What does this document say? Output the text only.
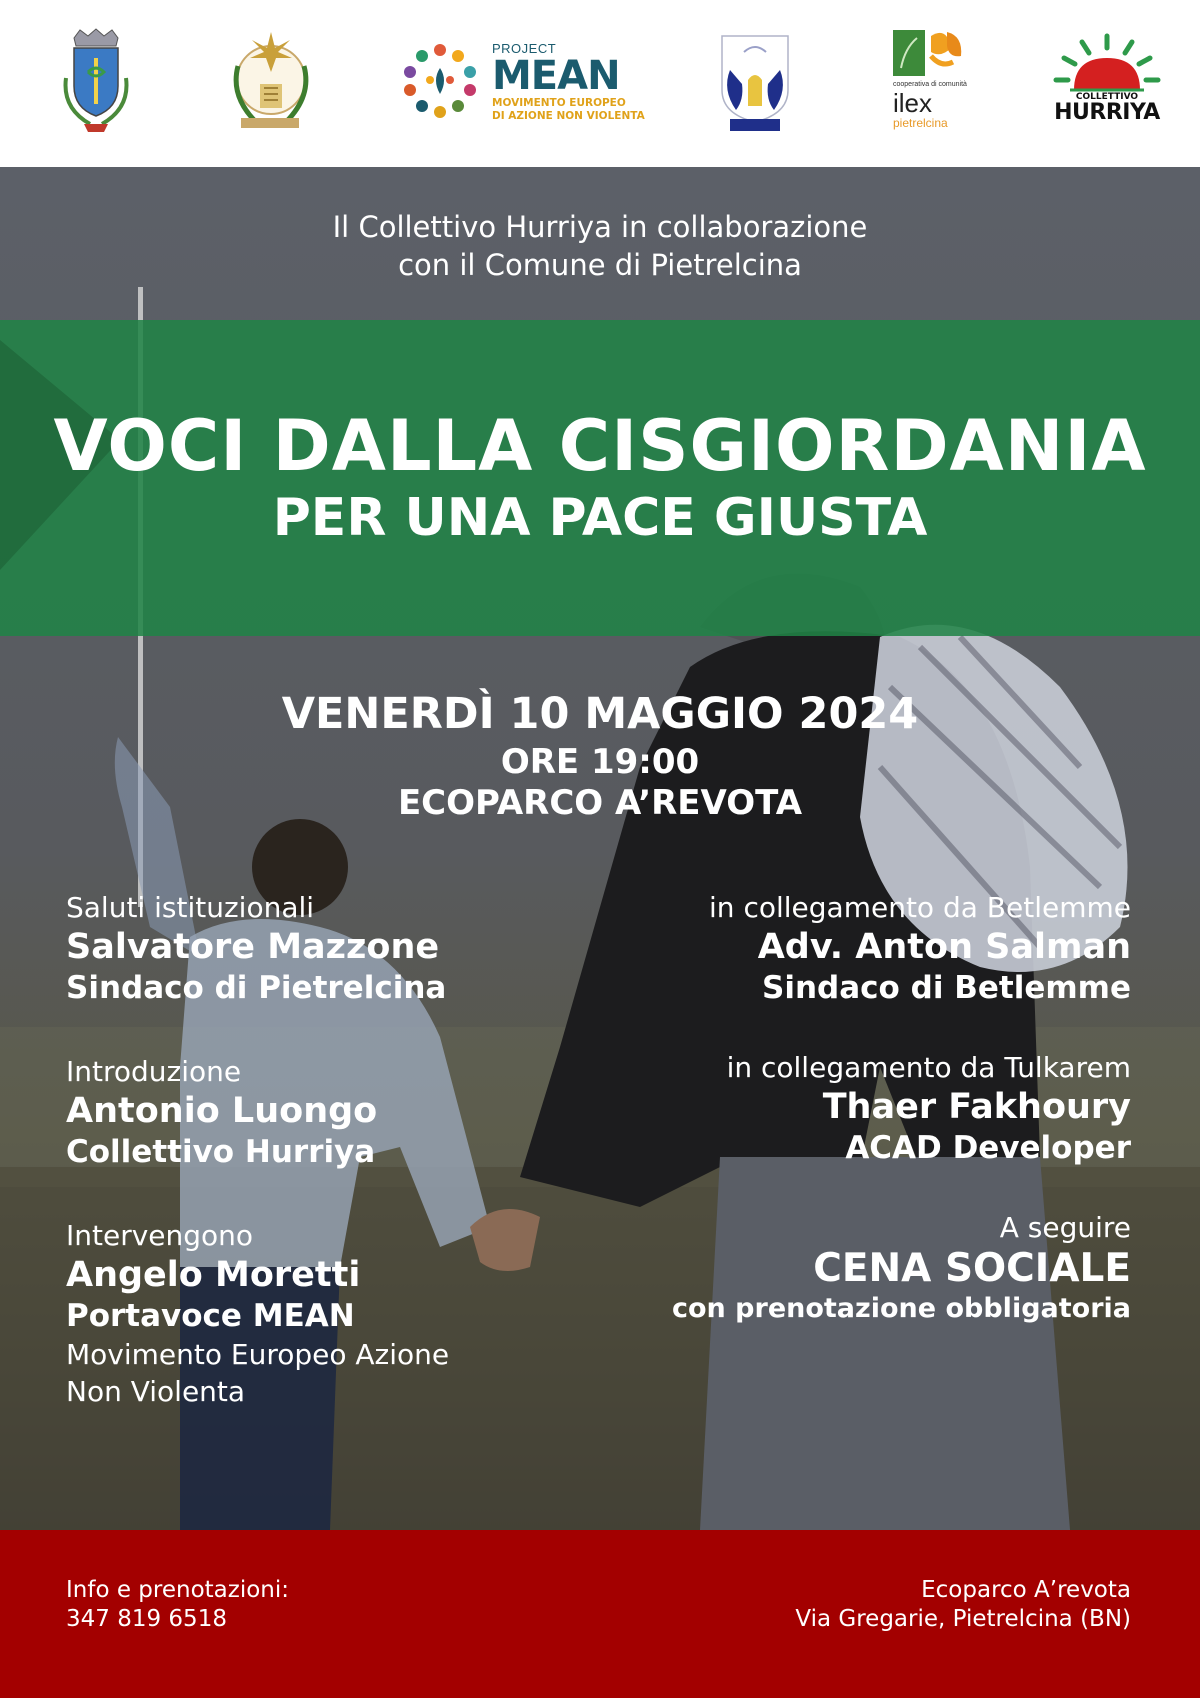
PROJECT
MEAN
MOVIMENTO EUROPEO
DI AZIONE NON VIOLENTA
cooperativa di comunità
ilex
pietrelcina
COLLETTIVO
HURRIYA
Il Collettivo Hurriya in collaborazione
con il Comune di Pietrelcina
VOCI DALLA CISGIORDANIA
PER UNA PACE GIUSTA
VENERDÌ 10 MAGGIO 2024
ORE 19:00
ECOPARCO A’REVOTA
Saluti istituzionali
Salvatore Mazzone
Sindaco di Pietrelcina
Introduzione
Antonio Luongo
Collettivo Hurriya
Intervengono
Angelo Moretti
Portavoce MEAN
Movimento Europeo Azione
Non Violenta
in collegamento da Betlemme
Adv. Anton Salman
Sindaco di Betlemme
in collegamento da Tulkarem
Thaer Fakhoury
ACAD Developer
A seguire
CENA SOCIALE
con prenotazione obbligatoria
Info e prenotazioni:
347 819 6518
Ecoparco A’revota
Via Gregarie, Pietrelcina (BN)
